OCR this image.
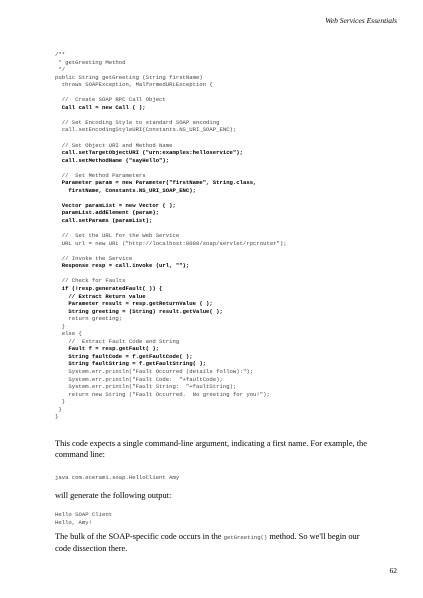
Web Services Essentials
/**
* getGreeting Method
*/
public String getGreeting (String firstName)
throws SOAPException, MalformedURLException {
//  Create SOAP RPC Call Object
Call call = new Call ( );
// Set Encoding Style to standard SOAP encoding
call.setEncodingStyleURI(Constants.NS_URI_SOAP_ENC);
// Set Object URI and Method Name
call.setTargetObjectURI ("urn:examples:helloservice");
call.setMethodName ("sayHello");
//  Set Method Parameters
Parameter param = new Parameter("firstName", String.class,
firstName, Constants.NS_URI_SOAP_ENC);
Vector paramList = new Vector ( );
paramList.addElement (param);
call.setParams (paramList);
//  Set the URL for the Web Service
URL url = new URL ("http://localhost:8080/soap/servlet/rpcrouter");
// Invoke the Service
Response resp = call.invoke (url, "");
// Check for Faults
if (!resp.generatedFault( )) {
// Extract Return value
Parameter result = resp.getReturnValue ( );
String greeting = (String) result.getValue( );
return greeting;
}
else {
//  Extract Fault Code and String
Fault f = resp.getFault( );
String faultCode = f.getFaultCode( );
String faultString = f.getFaultString( );
System.err.println("Fault Occurred (details follow):");
System.err.println("Fault Code:  "+faultCode);
System.err.println("Fault String:  "+faultString);
return new String ("Fault Occurred.  No greeting for you!");
}
}
}

This code expects a single command-line argument, indicating a first name. For example, the command line:

java com.ecerami.soap.HelloClient Amy

will generate the following output:

Hello SOAP Client
Hello, Amy!

The bulk of the SOAP-specific code occurs in the getGreeting() method. So we'll begin our code dissection there.

62
